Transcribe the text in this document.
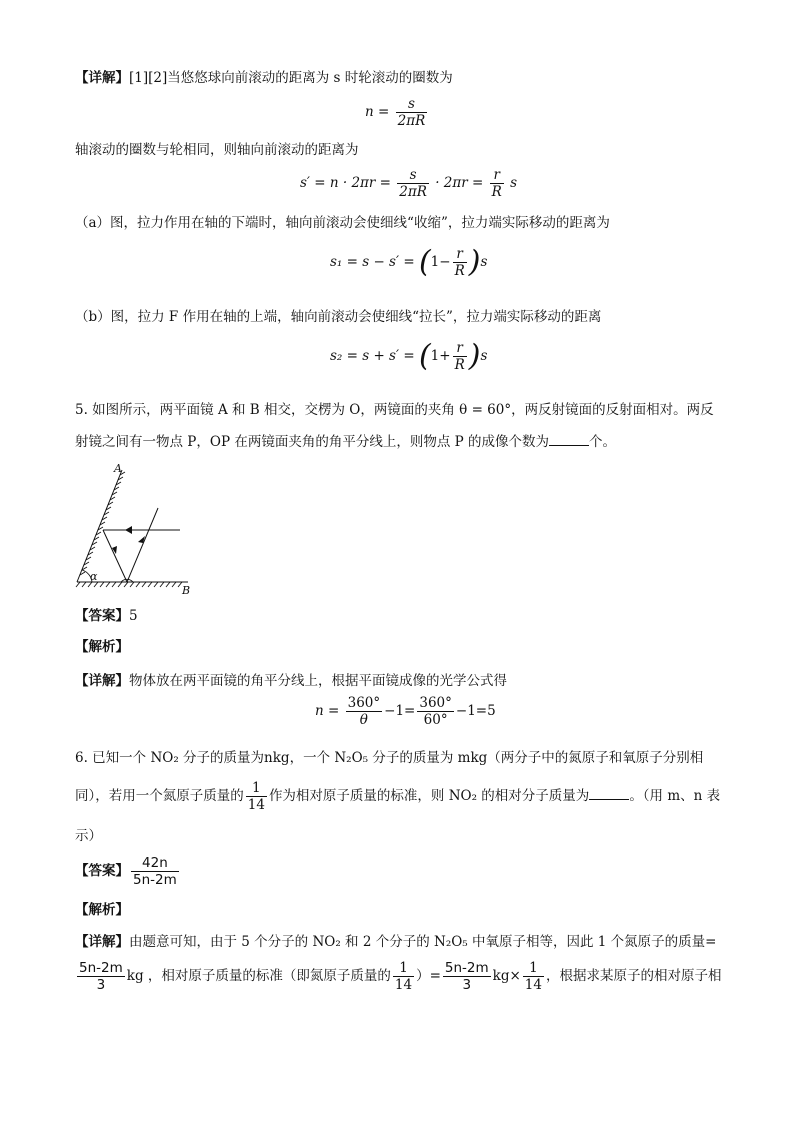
【详解】[1][2]当悠悠球向前滚动的距离为 s 时轮滚动的圈数为
$n = \frac{s}{2\pi R}$
轴滚动的圈数与轮相同，则轴向前滚动的距离为
$s' = n \cdot 2\pi r = \frac{s}{2\pi R} \cdot 2\pi r = \frac{r}{R}$ s
（a）图，拉力作用在轴的下端时，轴向前滚动会使细线“收缩”，拉力端实际移动的距离为
$s_1 = s - s' = (1- \frac{r}{R} )s$
（b）图，拉力 F 作用在轴的上端，轴向前滚动会使细线“拉长”，拉力端实际移动的距离
$s_2 = s + s' = (1+ \frac{r}{R} )s$
5. 如图所示，两平面镜 A 和 B 相交，交楞为 O，两镜面的夹角 θ = 60°，两反射镜面的反射面相对。两反
射镜之间有一物点 P，OP 在两镜面夹角的角平分线上，则物点 P 的成像个数为	个。
A
B
α
【答案】5
【解析】
【详解】物体放在两平面镜的角平分线上，根据平面镜成像的光学公式得
$n = \frac{360^\circ}{\theta} -1= \frac{360^\circ}{60^\circ} -1=5$
6. 已知一个 NO₂ 分子的质量为nkg，一个 N₂O₅ 分子的质量为 mkg（两分子中的氮原子和氧原子分别相
同），若用一个氮原子质量的 $\frac{1}{14}$ 作为相对原子质量的标准，则 NO₂ 的相对分子质量为	。（用 m、n 表
示）
【答案】 $\frac{42n}{5n-2m}$
【解析】
【详解】由题意可知，由于 5 个分子的 NO₂ 和 2 个分子的 N₂O₅ 中氧原子相等，因此 1 个氮原子的质量=
$\frac{5n-2m}{3}$ kg ，相对原子质量的标准（即氮原子质量的 $\frac{1}{14}$ ）= $\frac{5n-2m}{3} kg\times \frac{1}{14}$ ，根据求某原子的相对原子相
